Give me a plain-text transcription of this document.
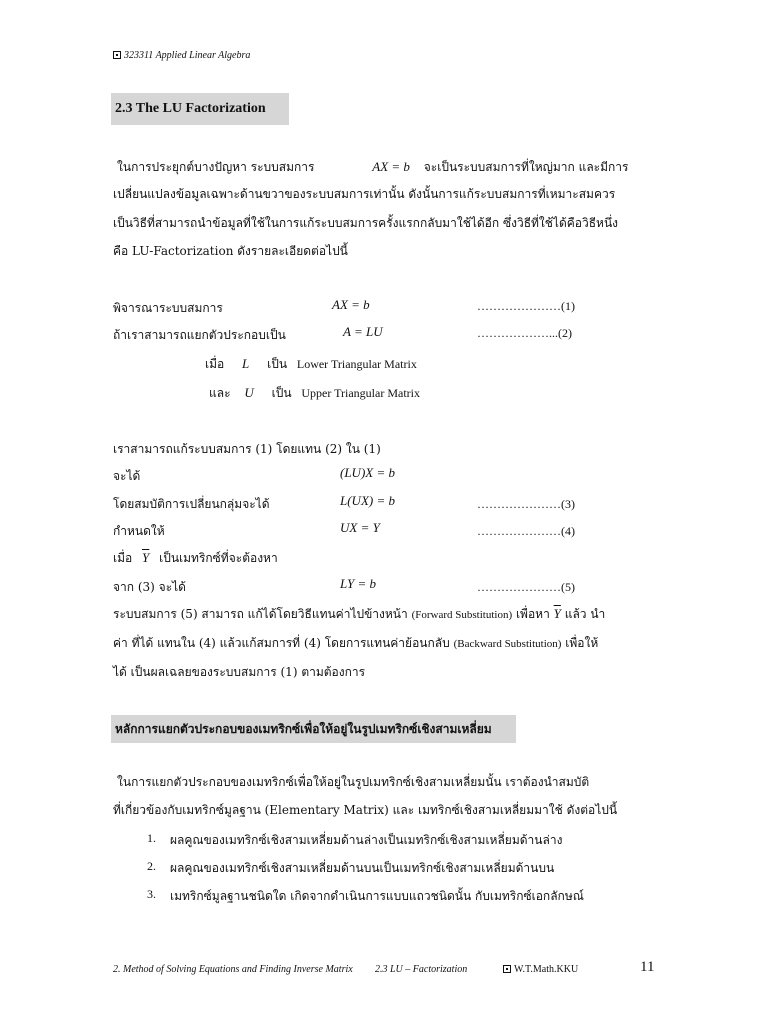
323311 Applied Linear Algebra
2.3 The LU Factorization
ในการประยุกต์บางปัญหา ระบบสมการ	AX = b จะเป็นระบบสมการที่ใหญ่มาก และมีการ
เปลี่ยนแปลงข้อมูลเฉพาะด้านขวาของระบบสมการเท่านั้น ดังนั้นการแก้ระบบสมการที่เหมาะสมควร
เป็นวิธีที่สามารถนำข้อมูลที่ใช้ในการแก้ระบบสมการครั้งแรกกลับมาใช้ได้อีก ซึ่งวิธีที่ใช้ได้คือวิธีหนึ่ง
คือ LU-Factorization ดังรายละเอียดต่อไปนี้
พิจารณาระบบสมการ	AX = b	…………………(1)
ถ้าเราสามารถแยกตัวประกอบเป็น	A = LU	………………...(2)
เมื่อ L เป็น Lower Triangular Matrix
และ U เป็น Upper Triangular Matrix
เราสามารถแก้ระบบสมการ (1) โดยแทน (2) ใน (1)
จะได้	(LU)X = b
โดยสมบัติการเปลี่ยนกลุ่มจะได้	L(UX) = b	…………………(3)
กำหนดให้	UX = Y	…………………(4)
เมื่อ $\overline{Y}$ เป็นเมทริกซ์ที่จะต้องหา
จาก (3) จะได้	LY = b	…………………(5)
ระบบสมการ (5) สามารถ แก้ได้โดยวิธีแทนค่าไปข้างหน้า (Forward Substitution) เพื่อหา $\overline{Y}$ แล้ว นำ
ค่า ที่ได้ แทนใน (4) แล้วแก้สมการที่ (4) โดยการแทนค่าย้อนกลับ (Backward Substitution) เพื่อให้
ได้ เป็นผลเฉลยของระบบสมการ (1) ตามต้องการ
หลักการแยกตัวประกอบของเมทริกซ์เพื่อให้อยู่ในรูปเมทริกซ์เชิงสามเหลี่ยม
ในการแยกตัวประกอบของเมทริกซ์เพื่อให้อยู่ในรูปเมทริกซ์เชิงสามเหลี่ยมนั้น เราต้องนำสมบัติ
ที่เกี่ยวข้องกับเมทริกซ์มูลฐาน (Elementary Matrix) และ เมทริกซ์เชิงสามเหลี่ยมมาใช้ ดังต่อไปนี้
1. ผลคูณของเมทริกซ์เชิงสามเหลี่ยมด้านล่างเป็นเมทริกซ์เชิงสามเหลี่ยมด้านล่าง
2. ผลคูณของเมทริกซ์เชิงสามเหลี่ยมด้านบนเป็นเมทริกซ์เชิงสามเหลี่ยมด้านบน
3. เมทริกซ์มูลฐานชนิดใด เกิดจากดำเนินการแบบแถวชนิดนั้น กับเมทริกซ์เอกลักษณ์
2. Method of Solving Equations and Finding Inverse Matrix 2.3 LU – Factorization	W.T.Math.KKU	11
